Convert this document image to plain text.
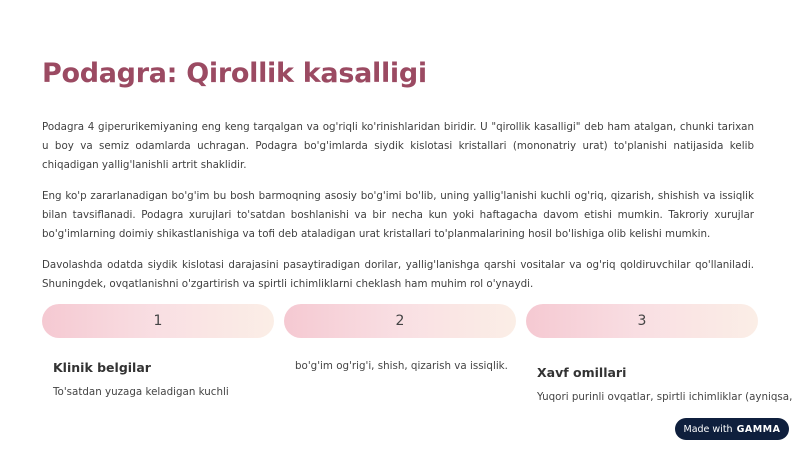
Podagra: Qirollik kasalligi

Podagra 4 giperurikemiyaning eng keng tarqalgan va og'riqli ko'rinishlaridan biridir. U "qirollik kasalligi" deb ham atalgan, chunki tarixan u boy va semiz odamlarda uchragan. Podagra bo'g'imlarda siydik kislotasi kristallari (mononatriy urat) to'planishi natijasida kelib chiqadigan yallig'lanishli artrit shaklidir.

Eng ko'p zararlanadigan bo'g'im bu bosh barmoqning asosiy bo'g'imi bo'lib, uning yallig'lanishi kuchli og'riq, qizarish, shishish va issiqlik bilan tavsiflanadi. Podagra xurujlari to'satdan boshlanishi va bir necha kun yoki haftagacha davom etishi mumkin. Takroriy xurujlar bo'g'imlarning doimiy shikastlanishiga va tofi deb ataladigan urat kristallari to'planmalarining hosil bo'lishiga olib kelishi mumkin.

Davolashda odatda siydik kislotasi darajasini pasaytiradigan dorilar, yallig'lanishga qarshi vositalar va og'riq qoldiruvchilar qo'llaniladi. Shuningdek, ovqatlanishni o'zgartirish va spirtli ichimliklarni cheklash ham muhim rol o'ynaydi.

1	2	3
Klinik belgilar

To'satdan yuzaga keladigan kuchli

bo'g'im og'rig'i, shish, qizarish va issiqlik.	Xavf omillari

Yuqori purinli ovqatlar, spirtli ichimliklar (ayniqsa,

Made with GAMMA
